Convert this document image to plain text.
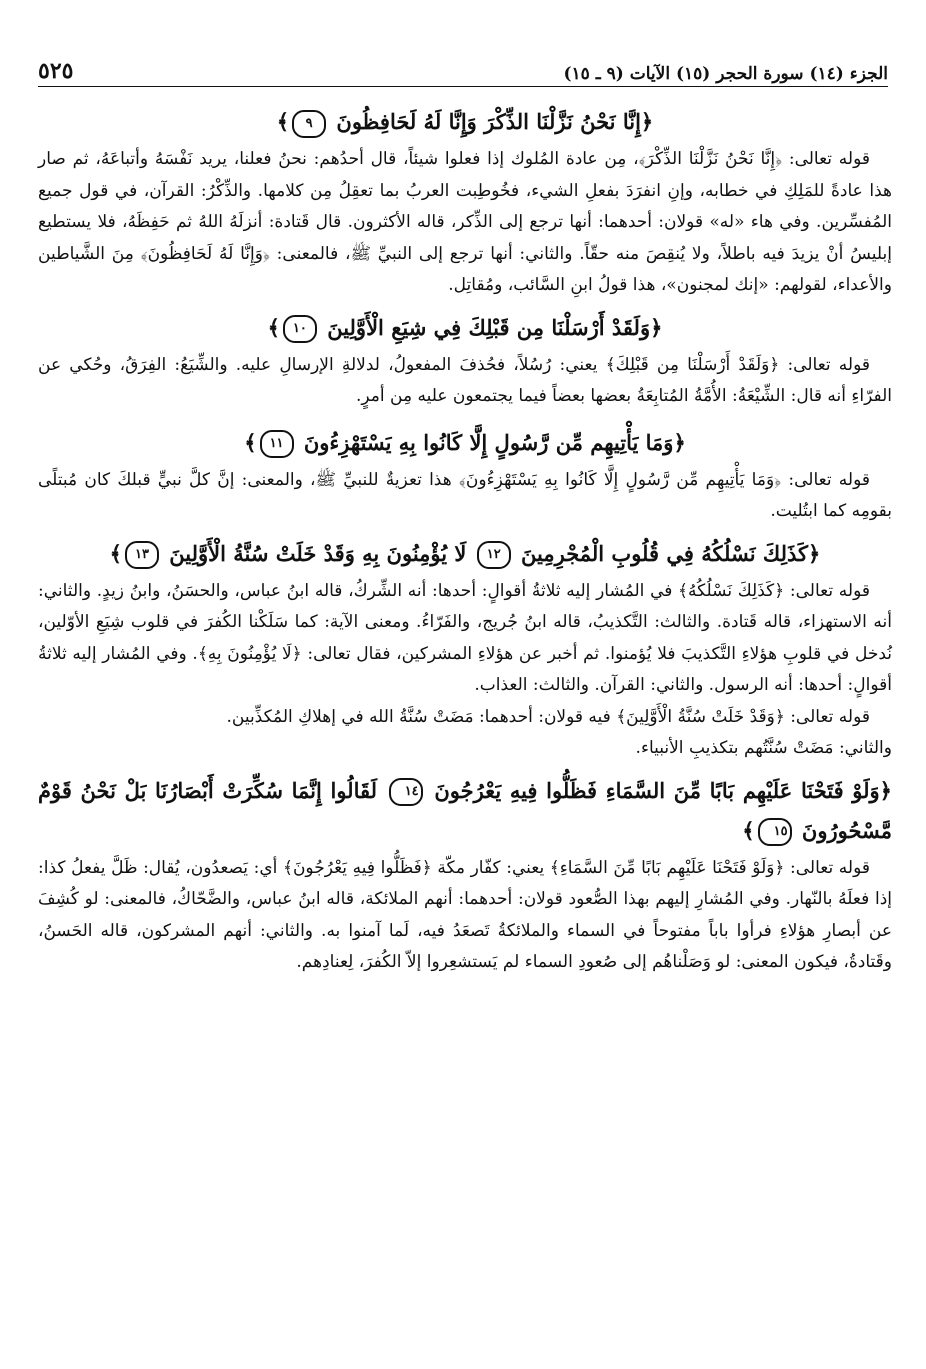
الجزء (١٤) سورة الحجر (١٥) الآيات (٩ ـ ١٥)
٥٢٥
﴿إِنَّا نَحْنُ نَزَّلْنَا الذِّكْرَ وَإِنَّا لَهُ لَحَافِظُونَ ٩﴾

قوله تعالى: ﴿إِنَّا نَحْنُ نَزَّلْنَا الذِّكْرَ﴾، مِن عادة المُلوك إذا فعلوا شيئاً، قال أحدُهم: نحنُ فعلنا، يريد نَفْسَهُ وأتباعَهُ، ثم صار هذا عادةً للمَلِكِ في خطابه، وإنِ انفرَدَ بفعلِ الشيء، فخُوطِبت العربُ بما تعقِلُ مِن كلامها. والذِّكْرُ: القرآن، في قول جميع المُفسِّرين. وفي هاء «له» قولان: أحدهما: أنها ترجع إلى الذِّكر، قاله الأكثرون. قال قَتادة: أنزلَهُ اللهُ ثم حَفِظَهُ، فلا يستطيع إبليسُ أنْ يزيدَ فيه باطلاً، ولا يُنقِصَ منه حقّاً. والثاني: أنها ترجع إلى النبيِّ ﷺ، فالمعنى: ﴿وَإِنَّا لَهُ لَحَافِظُونَ﴾ مِنَ الشَّياطين والأعداء، لقولهم: «إنك لمجنون»، هذا قولُ ابنِ السَّائب، ومُقاتِل.

﴿وَلَقَدْ أَرْسَلْنَا مِن قَبْلِكَ فِي شِيَعِ الْأَوَّلِينَ ١٠﴾

قوله تعالى: ﴿وَلَقَدْ أَرْسَلْنَا مِن قَبْلِكَ﴾ يعني: رُسُلاً، فحُذفَ المفعولُ، لدلالةِ الإرسالِ عليه. والشِّيَعُ: الفِرَقُ، وحُكي عن الفرّاءِ أنه قال: الشِّيْعَةُ: الأُمَّةُ المُتابِعَةُ بعضها بعضاً فيما يجتمعون عليه مِن أمرٍ.

﴿وَمَا يَأْتِيهِم مِّن رَّسُولٍ إِلَّا كَانُوا بِهِ يَسْتَهْزِءُونَ ١١﴾

قوله تعالى: ﴿وَمَا يَأْتِيهِم مِّن رَّسُولٍ إِلَّا كَانُوا بِهِ يَسْتَهْزِءُونَ﴾ هذا تعزيةٌ للنبيِّ ﷺ، والمعنى: إنَّ كلَّ نبيٍّ قبلكَ كان مُبتلًى بقومِه كما ابتُليت.

﴿كَذَلِكَ نَسْلُكُهُ فِي قُلُوبِ الْمُجْرِمِينَ ١٢ لَا يُؤْمِنُونَ بِهِ وَقَدْ خَلَتْ سُنَّةُ الْأَوَّلِينَ ١٣﴾

قوله تعالى: ﴿كَذَلِكَ نَسْلُكُهُ﴾ في المُشار إليه ثلاثةُ أقوالٍ: أحدها: أنه الشِّركُ، قاله ابنُ عباس، والحسَنُ، وابنُ زيدٍ. والثاني: أنه الاستهزاء، قاله قَتادة. والثالث: التَّكذيبُ، قاله ابنُ جُريج، والفَرّاءُ. ومعنى الآية: كما سَلَكْنا الكُفرَ في قلوب شِيَعِ الأوّلين، نُدخل في قلوبِ هؤلاءِ التَّكذيبَ فلا يُؤمنوا. ثم أخبر عن هؤلاءِ المشركين، فقال تعالى: ﴿لَا يُؤْمِنُونَ بِهِ﴾. وفي المُشار إليه ثلاثةُ أقوالٍ: أحدها: أنه الرسول. والثاني: القرآن. والثالث: العذاب.

قوله تعالى: ﴿وَقَدْ خَلَتْ سُنَّةُ الْأَوَّلِينَ﴾ فيه قولان: أحدهما: مَضَتْ سُنَّةُ الله في إهلاكِ المُكذِّبين.

والثاني: مَضَتْ سُنَّتُهم بتكذيبِ الأنبياء.

﴿وَلَوْ فَتَحْنَا عَلَيْهِم بَابًا مِّنَ السَّمَاءِ فَظَلُّوا فِيهِ يَعْرُجُونَ ١٤ لَقَالُوا إِنَّمَا سُكِّرَتْ أَبْصَارُنَا بَلْ نَحْنُ قَوْمٌ مَّسْحُورُونَ ١٥﴾

قوله تعالى: ﴿وَلَوْ فَتَحْنَا عَلَيْهِم بَابًا مِّنَ السَّمَاءِ﴾ يعني: كفّار مكّة ﴿فَظَلُّوا فِيهِ يَعْرُجُونَ﴾ أي: يَصعدُون، يُقال: ظَلَّ يفعلُ كذا: إذا فعلَهُ بالنّهار. وفي المُشارِ إليهم بهذا الصُّعود قولان: أحدهما: أنهم الملائكة، قاله ابنُ عباس، والضَّحّاكُ، فالمعنى: لو كُشِفَ عن أبصارِ هؤلاءِ فرأوا باباً مفتوحاً في السماء والملائكةُ تَصعَدُ فيه، لَما آمنوا به. والثاني: أنهم المشركون، قاله الحَسنُ، وقَتادةُ، فيكون المعنى: لو وَصَلْناهُم إلى صُعودِ السماء لم يَستشعِروا إلاّ الكُفرَ، لِعنادِهم.
